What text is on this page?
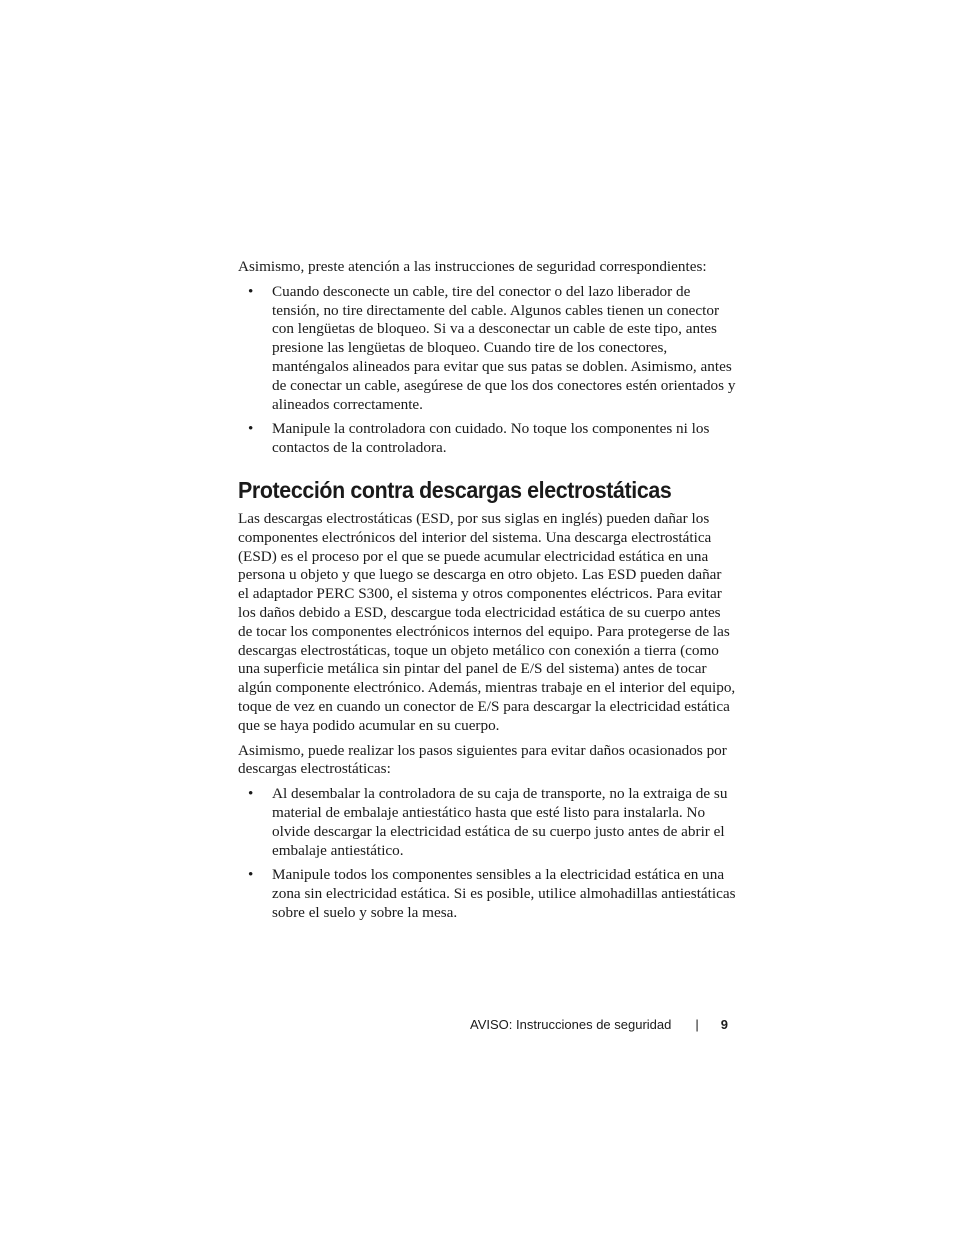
Asimismo, preste atención a las instrucciones de seguridad correspondientes:

• Cuando desconecte un cable, tire del conector o del lazo liberador de tensión, no tire directamente del cable. Algunos cables tienen un conector con lengüetas de bloqueo. Si va a desconectar un cable de este tipo, antes presione las lengüetas de bloqueo. Cuando tire de los conectores, manténgalos alineados para evitar que sus patas se doblen. Asimismo, antes de conectar un cable, asegúrese de que los dos conectores estén orientados y alineados correctamente.
• Manipule la controladora con cuidado. No toque los componentes ni los contactos de la controladora.
Protección contra descargas electrostáticas

Las descargas electrostáticas (ESD, por sus siglas en inglés) pueden dañar los componentes electrónicos del interior del sistema. Una descarga electrostática (ESD) es el proceso por el que se puede acumular electricidad estática en una persona u objeto y que luego se descarga en otro objeto. Las ESD pueden dañar el adaptador PERC S300, el sistema y otros componentes eléctricos. Para evitar los daños debido a ESD, descargue toda electricidad estática de su cuerpo antes de tocar los componentes electrónicos internos del equipo. Para protegerse de las descargas electrostáticas, toque un objeto metálico con conexión a tierra (como una superficie metálica sin pintar del panel de E/S del sistema) antes de tocar algún componente electrónico. Además, mientras trabaje en el interior del equipo, toque de vez en cuando un conector de E/S para descargar la electricidad estática que se haya podido acumular en su cuerpo.

Asimismo, puede realizar los pasos siguientes para evitar daños ocasionados por descargas electrostáticas:

• Al desembalar la controladora de su caja de transporte, no la extraiga de su material de embalaje antiestático hasta que esté listo para instalarla. No olvide descargar la electricidad estática de su cuerpo justo antes de abrir el embalaje antiestático.
• Manipule todos los componentes sensibles a la electricidad estática en una zona sin electricidad estática. Si es posible, utilice almohadillas antiestáticas sobre el suelo y sobre la mesa.
AVISO: Instrucciones de seguridad | 9
